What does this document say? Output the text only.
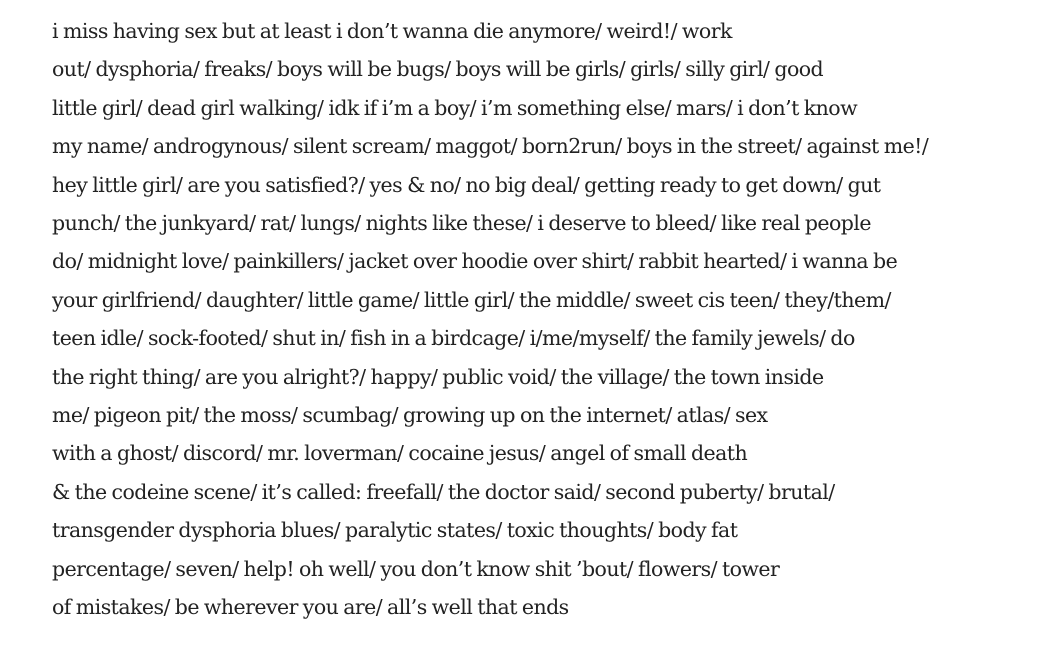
i miss having sex but at least i don’t wanna die anymore/ weird!/ work
out/ dysphoria/ freaks/ boys will be bugs/ boys will be girls/ girls/ silly girl/ good
little girl/ dead girl walking/ idk if i’m a boy/ i’m something else/ mars/ i don’t know
my name/ androgynous/ silent scream/ maggot/ born2run/ boys in the street/ against me!/
hey little girl/ are you satisfied?/ yes & no/ no big deal/ getting ready to get down/ gut
punch/ the junkyard/ rat/ lungs/ nights like these/ i deserve to bleed/ like real people
do/ midnight love/ painkillers/ jacket over hoodie over shirt/ rabbit hearted/ i wanna be
your girlfriend/ daughter/ little game/ little girl/ the middle/ sweet cis teen/ they/them/
teen idle/ sock-footed/ shut in/ fish in a birdcage/ i/me/myself/ the family jewels/ do
the right thing/ are you alright?/ happy/ public void/ the village/ the town inside
me/ pigeon pit/ the moss/ scumbag/ growing up on the internet/ atlas/ sex
with a ghost/ discord/ mr. loverman/ cocaine jesus/ angel of small death
& the codeine scene/ it’s called: freefall/ the doctor said/ second puberty/ brutal/
transgender dysphoria blues/ paralytic states/ toxic thoughts/ body fat
percentage/ seven/ help! oh well/ you don’t know shit ’bout/ flowers/ tower
of mistakes/ be wherever you are/ all’s well that ends
